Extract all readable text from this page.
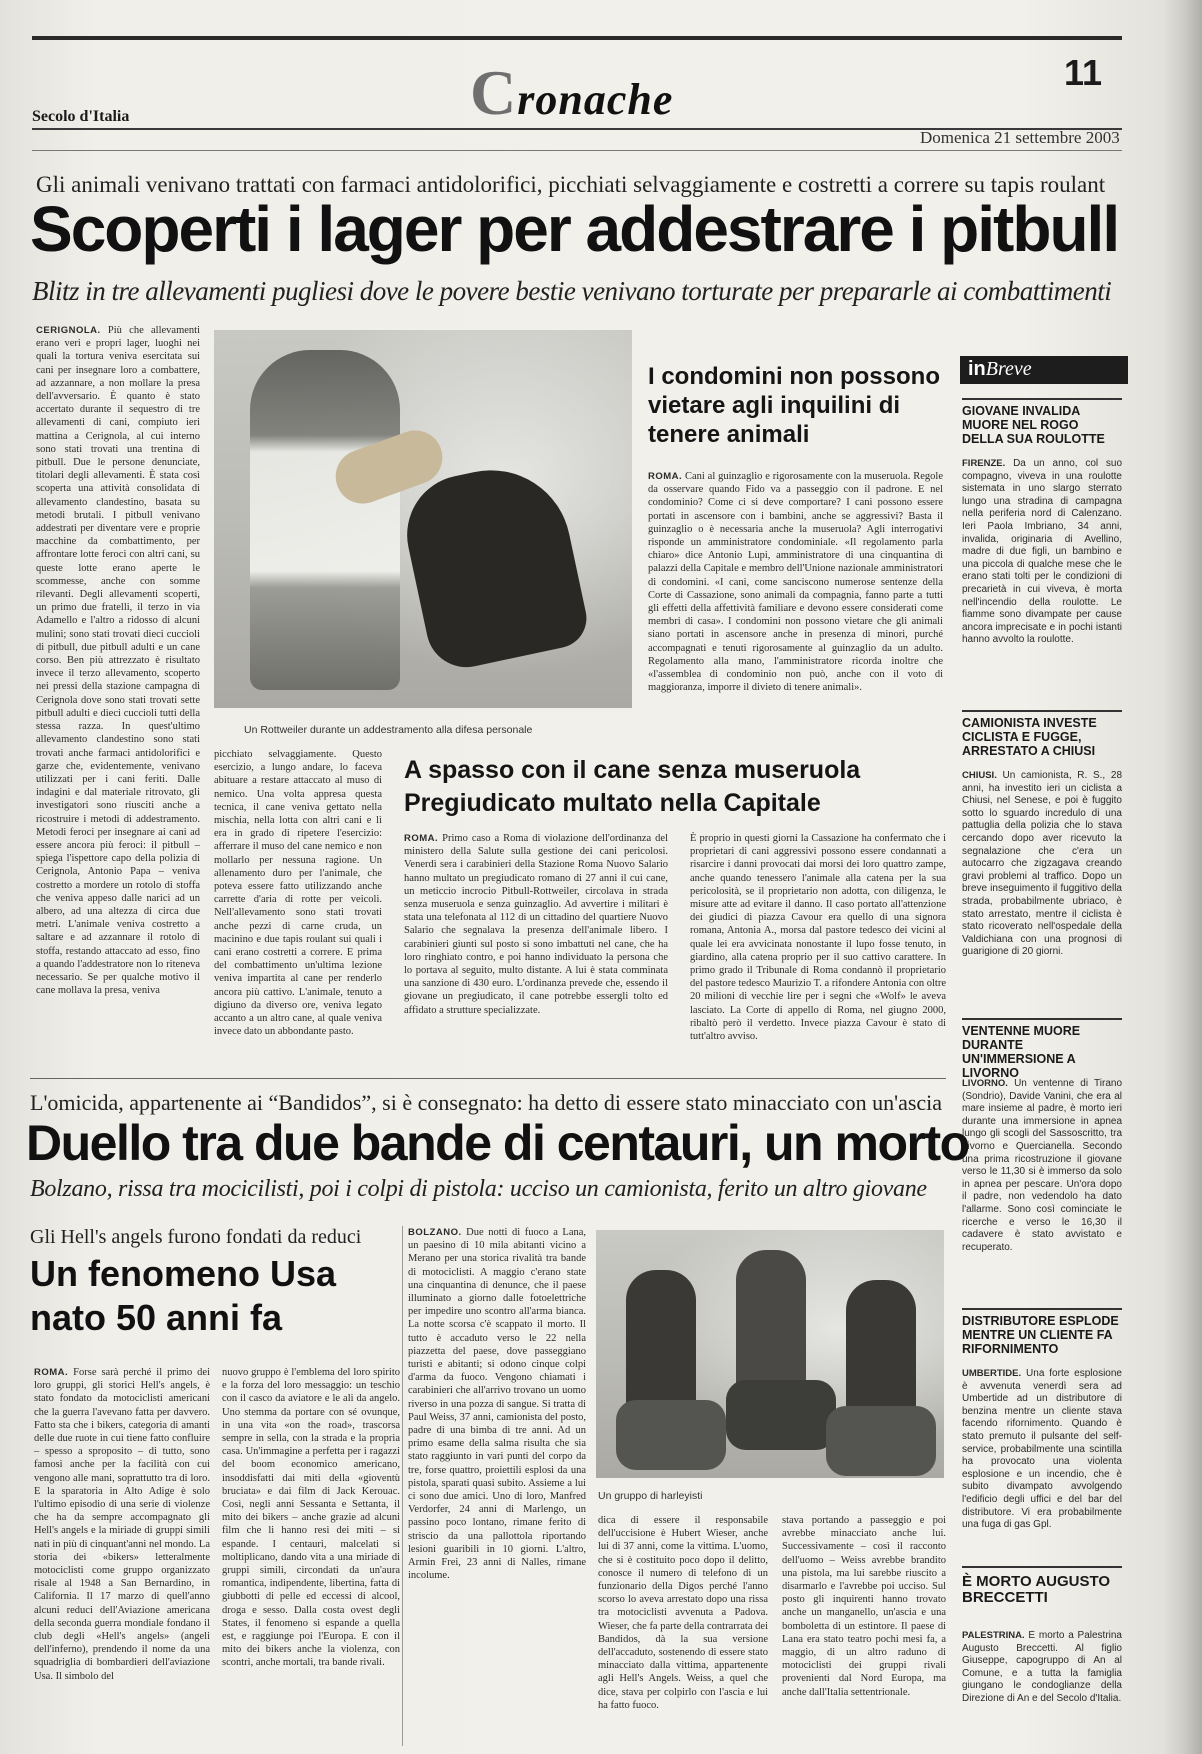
Cronache
11
Secolo d'Italia
Domenica 21 settembre 2003
Gli animali venivano trattati con farmaci antidolorifici, picchiati selvaggiamente e costretti a correre su tapis roulant
Scoperti i lager per addestrare i pitbull
Blitz in tre allevamenti pugliesi dove le povere bestie venivano torturate per prepararle ai combattimenti
CERIGNOLA. Più che allevamenti erano veri e propri lager, luoghi nei quali la tortura veniva esercitata sui cani per insegnare loro a combattere, ad azzannare, a non mollare la presa dell'avversario. È quanto è stato accertato durante il sequestro di tre allevamenti di cani, compiuto ieri mattina a Cerignola, al cui interno sono stati trovati una trentina di pitbull. Due le persone denunciate, titolari degli allevamenti. È stata così scoperta una attività consolidata di allevamento clandestino, basata su metodi brutali. I pitbull venivano addestrati per diventare vere e proprie macchine da combattimento, per affrontare lotte feroci con altri cani, su queste lotte erano aperte le scommesse, anche con somme rilevanti. Degli allevamenti scoperti, un primo due fratelli, il terzo in via Adamello e l'altro a ridosso di alcuni mulini; sono stati trovati dieci cuccioli di pitbull, due pitbull adulti e un cane corso. Ben più attrezzato è risultato invece il terzo allevamento, scoperto nei pressi della stazione campagna di Cerignola dove sono stati trovati sette pitbull adulti e dieci cuccioli tutti della stessa razza. In quest'ultimo allevamento clandestino sono stati trovati anche farmaci antidolorifici e garze che, evidentemente, venivano utilizzati per i cani feriti. Dalle indagini e dal materiale ritrovato, gli investigatori sono riusciti anche a ricostruire i metodi di addestramento. Metodi feroci per insegnare ai cani ad essere ancora più feroci: il pitbull – spiega l'ispettore capo della polizia di Cerignola, Antonio Papa – veniva costretto a mordere un rotolo di stoffa che veniva appeso dalle narici ad un albero, ad una altezza di circa due metri. L'animale veniva costretto a saltare e ad azzannare il rotolo di stoffa, restando attaccato ad esso, fino a quando l'addestratore non lo riteneva necessario. Se per qualche motivo il cane mollava la presa, veniva
Un Rottweiler durante un addestramento alla difesa personale
picchiato selvaggiamente. Questo esercizio, a lungo andare, lo faceva abituare a restare attaccato al muso di nemico. Una volta appresa questa tecnica, il cane veniva gettato nella mischia, nella lotta con altri cani e lì era in grado di ripetere l'esercizio: afferrare il muso del cane nemico e non mollarlo per nessuna ragione. Un allenamento duro per l'animale, che poteva essere fatto utilizzando anche carrette d'aria di rotte per veicoli. Nell'allevamento sono stati trovati anche pezzi di carne cruda, un macinino e due tapis roulant sui quali i cani erano costretti a correre. E prima del combattimento un'ultima lezione veniva impartita al cane per renderlo ancora più cattivo. L'animale, tenuto a digiuno da diverso ore, veniva legato accanto a un altro cane, al quale veniva invece dato un abbondante pasto.
I condomini non possono vietare agli inquilini di tenere animali
ROMA. Cani al guinzaglio e rigorosamente con la museruola. Regole da osservare quando Fido va a passeggio con il padrone. E nel condominio? Come ci si deve comportare? I cani possono essere portati in ascensore con i bambini, anche se aggressivi? Basta il guinzaglio o è necessaria anche la museruola? Agli interrogativi risponde un amministratore condominiale. «Il regolamento parla chiaro» dice Antonio Lupi, amministratore di una cinquantina di palazzi della Capitale e membro dell'Unione nazionale amministratori di condomini. «I cani, come sanciscono numerose sentenze della Corte di Cassazione, sono animali da compagnia, fanno parte a tutti gli effetti della affettività familiare e devono essere considerati come membri di casa». I condomini non possono vietare che gli animali siano portati in ascensore anche in presenza di minori, purché accompagnati e tenuti rigorosamente al guinzaglio da un adulto. Regolamento alla mano, l'amministratore ricorda inoltre che «l'assemblea di condominio non può, anche con il voto di maggioranza, imporre il divieto di tenere animali».
A spasso con il cane senza museruola Pregiudicato multato nella Capitale
ROMA. Primo caso a Roma di violazione dell'ordinanza del ministero della Salute sulla gestione dei cani pericolosi. Venerdì sera i carabinieri della Stazione Roma Nuovo Salario hanno multato un pregiudicato romano di 27 anni il cui cane, un meticcio incrocio Pitbull-Rottweiler, circolava in strada senza museruola e senza guinzaglio. Ad avvertire i militari è stata una telefonata al 112 di un cittadino del quartiere Nuovo Salario che segnalava la presenza dell'animale libero. I carabinieri giunti sul posto si sono imbattuti nel cane, che ha loro ringhiato contro, e poi hanno individuato la persona che lo portava al seguito, multo distante. A lui è stata comminata una sanzione di 430 euro. L'ordinanza prevede che, essendo il giovane un pregiudicato, il cane potrebbe essergli tolto ed affidato a strutture specializzate.
È proprio in questi giorni la Cassazione ha confermato che i proprietari di cani aggressivi possono essere condannati a risarcire i danni provocati dai morsi dei loro quattro zampe, anche quando tenessero l'animale alla catena per la sua pericolosità, se il proprietario non adotta, con diligenza, le misure atte ad evitare il danno. Il caso portato all'attenzione dei giudici di piazza Cavour era quello di una signora romana, Antonia A., morsa dal pastore tedesco dei vicini al quale lei era avvicinata nonostante il lupo fosse tenuto, in giardino, alla catena proprio per il suo cattivo carattere. In primo grado il Tribunale di Roma condannò il proprietario del pastore tedesco Maurizio T. a rifondere Antonia con oltre 20 milioni di vecchie lire per i segni che «Wolf» le aveva lasciato. La Corte di appello di Roma, nel giugno 2000, ribaltò però il verdetto. Invece piazza Cavour è stato di tutt'altro avviso.
inBreve
GIOVANE INVALIDA MUORE NEL ROGO DELLA SUA ROULOTTE
FIRENZE. Da un anno, col suo compagno, viveva in una roulotte sistemata in uno slargo sterrato lungo una stradina di campagna nella periferia nord di Calenzano. Ieri Paola Imbriano, 34 anni, invalida, originaria di Avellino, madre di due figli, un bambino e una piccola di qualche mese che le erano stati tolti per le condizioni di precarietà in cui viveva, è morta nell'incendio della roulotte. Le fiamme sono divampate per cause ancora imprecisate e in pochi istanti hanno avvolto la roulotte.
CAMIONISTA INVESTE CICLISTA E FUGGE, ARRESTATO A CHIUSI
CHIUSI. Un camionista, R. S., 28 anni, ha investito ieri un ciclista a Chiusi, nel Senese, e poi è fuggito sotto lo sguardo incredulo di una pattuglia della polizia che lo stava cercando dopo aver ricevuto la segnalazione che c'era un autocarro che zigzagava creando gravi problemi al traffico. Dopo un breve inseguimento il fuggitivo della strada, probabilmente ubriaco, è stato arrestato, mentre il ciclista è stato ricoverato nell'ospedale della Valdichiana con una prognosi di guarigione di 20 giorni.
VENTENNE MUORE DURANTE UN'IMMERSIONE A LIVORNO
LIVORNO. Un ventenne di Tirano (Sondrio), Davide Vanini, che era al mare insieme al padre, è morto ieri durante una immersione in apnea lungo gli scogli del Sassoscritto, tra Livorno e Quercianella. Secondo una prima ricostruzione il giovane verso le 11,30 si è immerso da solo in apnea per pescare. Un'ora dopo il padre, non vedendolo ha dato l'allarme. Sono così cominciate le ricerche e verso le 16,30 il cadavere è stato avvistato e recuperato.
DISTRIBUTORE ESPLODE MENTRE UN CLIENTE FA RIFORNIMENTO
UMBERTIDE. Una forte esplosione è avvenuta venerdì sera ad Umbertide ad un distributore di benzina mentre un cliente stava facendo rifornimento. Quando è stato premuto il pulsante del self-service, probabilmente una scintilla ha provocato una violenta esplosione e un incendio, che è subito divampato avvolgendo l'edificio degli uffici e del bar del distributore. Vi era probabilmente una fuga di gas Gpl.
È MORTO AUGUSTO BRECCETTI
PALESTRINA. È morto a Palestrina Augusto Breccetti. Al figlio Giuseppe, capogruppo di An al Comune, e a tutta la famiglia giungano le condoglianze della Direzione di An e del Secolo d'Italia.
L'omicida, appartenente ai “Bandidos”, si è consegnato: ha detto di essere stato minacciato con un'ascia
Duello tra due bande di centauri, un morto
Bolzano, rissa tra mocicilisti, poi i colpi di pistola: ucciso un camionista, ferito un altro giovane
Gli Hell's angels furono fondati da reduci
Un fenomeno Usa nato 50 anni fa
ROMA. Forse sarà perché il primo dei loro gruppi, gli storici Hell's angels, è stato fondato da motociclisti americani che la guerra l'avevano fatta per davvero. Fatto sta che i bikers, categoria di amanti delle due ruote in cui tiene fatto confluire – spesso a sproposito – di tutto, sono famosi anche per la facilità con cui vengono alle mani, soprattutto tra di loro. E la sparatoria in Alto Adige è solo l'ultimo episodio di una serie di violenze che ha da sempre accompagnato gli Hell's angels e la miriade di gruppi simili nati in più di cinquant'anni nel mondo. La storia dei «bikers» letteralmente motociclisti come gruppo organizzato risale al 1948 a San Bernardino, in California. Il 17 marzo di quell'anno alcuni reduci dell'Aviazione americana della seconda guerra mondiale fondano il club degli «Hell's angels» (angeli dell'inferno), prendendo il nome da una squadriglia di bombardieri dell'aviazione Usa. Il simbolo del
nuovo gruppo è l'emblema del loro spirito e la forza del loro messaggio: un teschio con il casco da aviatore e le ali da angelo. Uno stemma da portare con sé ovunque, in una vita «on the road», trascorsa sempre in sella, con la strada e la propria casa. Un'immagine a perfetta per i ragazzi del boom economico americano, insoddisfatti dai miti della «gioventù bruciata» e dai film di Jack Kerouac. Così, negli anni Sessanta e Settanta, il mito dei bikers – anche grazie ad alcuni film che li hanno resi dei miti – si espande. I centauri, malcelati si moltiplicano, dando vita a una miriade di gruppi simili, circondati da un'aura romantica, indipendente, libertina, fatta di giubbotti di pelle ed eccessi di alcool, droga e sesso. Dalla costa ovest degli States, il fenomeno si espande a quella est, e raggiunge poi l'Europa. E con il mito dei bikers anche la violenza, con scontri, anche mortali, tra bande rivali.
BOLZANO. Due notti di fuoco a Lana, un paesino di 10 mila abitanti vicino a Merano per una storica rivalità tra bande di motociclisti. A maggio c'erano state una cinquantina di denunce, che il paese illuminato a giorno dalle fotoelettriche per impedire uno scontro all'arma bianca. La notte scorsa c'è scappato il morto. Il tutto è accaduto verso le 22 nella piazzetta del paese, dove passeggiano turisti e abitanti; si odono cinque colpi d'arma da fuoco. Vengono chiamati i carabinieri che all'arrivo trovano un uomo riverso in una pozza di sangue. Si tratta di Paul Weiss, 37 anni, camionista del posto, padre di una bimba di tre anni. Ad un primo esame della salma risulta che sia stato raggiunto in vari punti del corpo da tre, forse quattro, proiettili esplosi da una pistola, sparati quasi subito. Assieme a lui ci sono due amici. Uno di loro, Manfred Verdorfer, 24 anni di Marlengo, un passino poco lontano, rimane ferito di striscio da una pallottola riportando lesioni guaribili in 10 giorni. L'altro, Armin Frei, 23 anni di Nalles, rimane incolume.
Un gruppo di harleyisti
dica di essere il responsabile dell'uccisione è Hubert Wieser, anche lui di 37 anni, come la vittima. L'uomo, che si è costituito poco dopo il delitto, conosce il numero di telefono di un funzionario della Digos perché l'anno scorso lo aveva arrestato dopo una rissa tra motociclisti avvenuta a Padova. Wieser, che fa parte della contrarrata dei Bandidos, dà la sua versione dell'accaduto, sostenendo di essere stato minacciato dalla vittima, appartenente agli Hell's Angels. Weiss, a quel che dice, stava per colpirlo con l'ascia e lui ha fatto fuoco.
stava portando a passeggio e poi avrebbe minacciato anche lui. Successivamente – così il racconto dell'uomo – Weiss avrebbe brandito una pistola, ma lui sarebbe riuscito a disarmarlo e l'avrebbe poi ucciso. Sul posto gli inquirenti hanno trovato anche un manganello, un'ascia e una bomboletta di un estintore. Il paese di Lana era stato teatro pochi mesi fa, a maggio, di un altro raduno di motociclisti dei gruppi rivali provenienti dal Nord Europa, ma anche dall'Italia settentrionale.
